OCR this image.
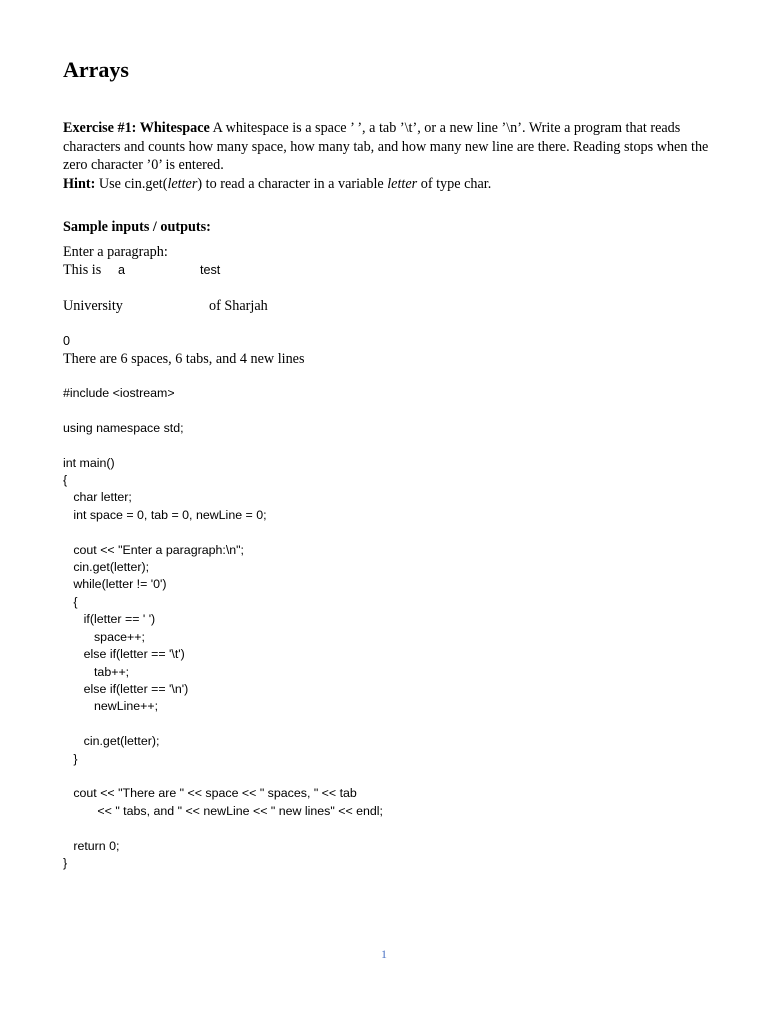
Arrays
Exercise #1: Whitespace A whitespace is a space ’ ’, a tab ’\t’, or a new line ’\n’. Write a program that reads characters and counts how many space, how many tab, and how many new line are there. Reading stops when the zero character ’0’ is entered.
Hint: Use cin.get(letter) to read a character in a variable letter of type char.
Sample inputs / outputs:
Enter a paragraph:
This is a	test
University	of Sharjah
0
There are 6 spaces, 6 tabs, and 4 new lines
#include <iostream>

using namespace std;

int main()
{
char letter;
int space = 0, tab = 0, newLine = 0;

cout << "Enter a paragraph:\n";
cin.get(letter);
while(letter != '0')
{
if(letter == ' ')
space++;
else if(letter == '\t')
tab++;
else if(letter == '\n')
newLine++;

cin.get(letter);
}

cout << "There are " << space << " spaces, " << tab
<< " tabs, and " << newLine << " new lines" << endl;

return 0;
}
1
